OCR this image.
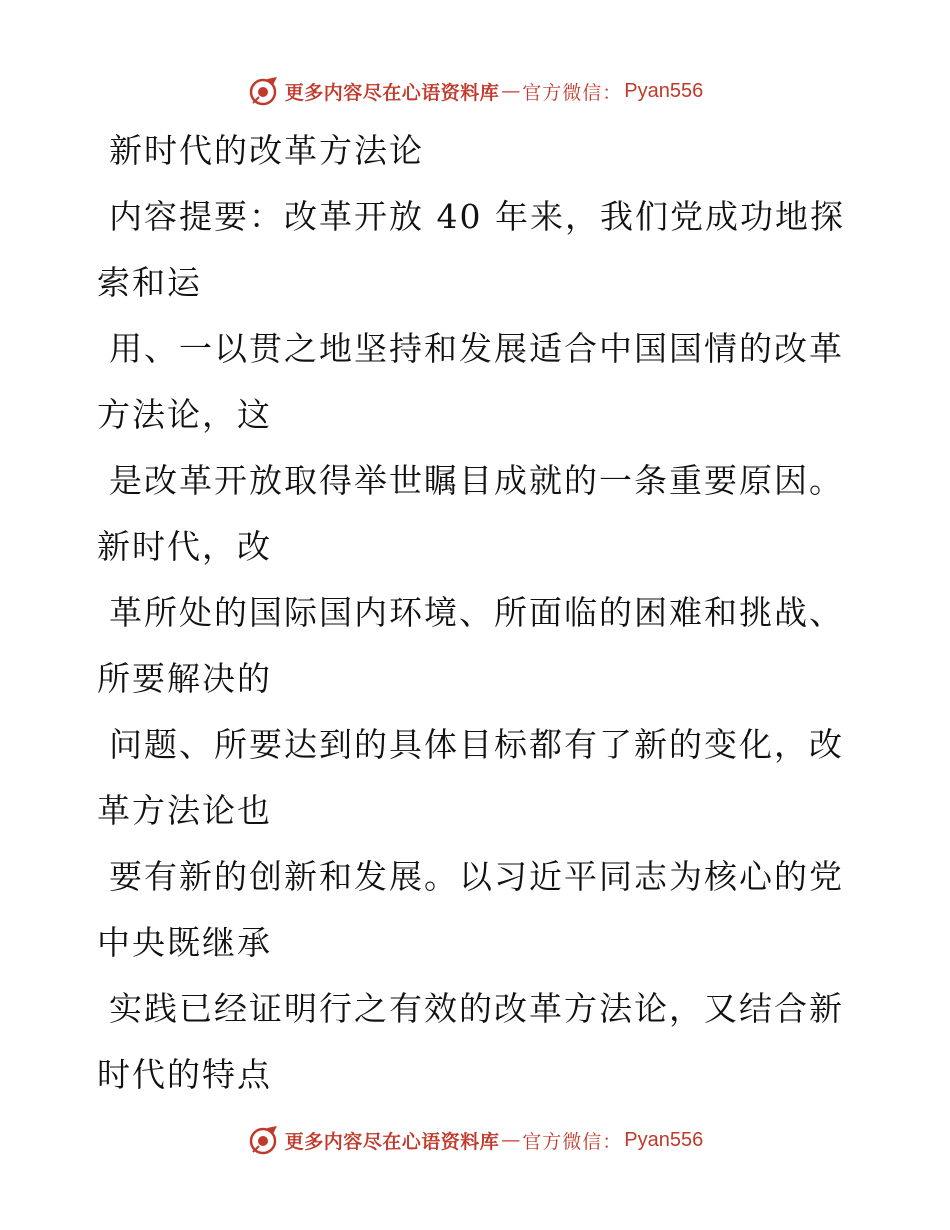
更多内容尽在心语资料库 — 官方微信： Pyan556
新时代的改革方法论
内容提要：改革开放 40 年来，我们党成功地探
索和运
用、一以贯之地坚持和发展适合中国国情的改革
方法论，这
是改革开放取得举世瞩目成就的一条重要原因。
新时代，改
革所处的国际国内环境、所面临的困难和挑战、
所要解决的
问题、所要达到的具体目标都有了新的变化，改
革方法论也
要有新的创新和发展。以习近平同志为核心的党
中央既继承
实践已经证明行之有效的改革方法论，又结合新
时代的特点
更多内容尽在心语资料库 — 官方微信： Pyan556
